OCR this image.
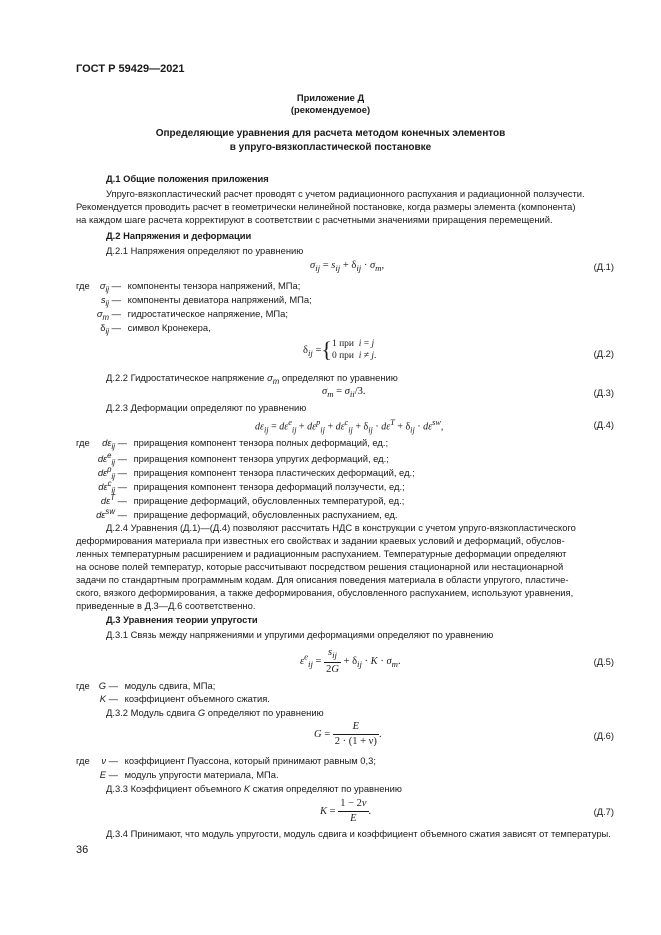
ГОСТ Р 59429—2021
Приложение Д
(рекомендуемое)
Определяющие уравнения для расчета методом конечных элементов
в упруго-вязкопластической постановке
Д.1 Общие положения приложения
Упруго-вязкопластический расчет проводят с учетом радиационного распухания и радиационной ползучести.
Рекомендуется проводить расчет в геометрически нелинейной постановке, когда размеры элемента (компонента)
на каждом шаге расчета корректируют в соответствии с расчетными значениями приращения перемещений.
Д.2 Напряжения и деформации
Д.2.1 Напряжения определяют по уравнению
$\sigma_{ij} = s_{ij} + \delta_{ij} \cdot \sigma_m$,	(Д.1)
где	$\sigma_{ij}$ — компоненты тензора напряжений, МПа;
$s_{ij}$ — компоненты девиатора напряжений, МПа;
$\sigma_m$ — гидростатическое напряжение, МПа;
$\delta_{ij}$ — символ Кронекера,
$\delta_{ij} =\{1$ при i = j
0 при i ≠ j.	(Д.2)
Д.2.2 Гидростатическое напряжение $\sigma_m$ определяют по уравнению
$\sigma_m = \sigma_{ii}/3$.	(Д.3)
Д.2.3 Деформации определяют по уравнению
$d\varepsilon_{ij} = d\varepsilon^e_{ij} + d\varepsilon^p_{ij} + d\varepsilon^c_{ij} + \delta_{ij} \cdot d\varepsilon^T + \delta_{ij} \cdot d\varepsilon^{sw}$,	(Д.4)
где	$d\varepsilon_{ij}$ — приращения компонент тензора полных деформаций, ед.;
$d\varepsilon^e_{ij}$ — приращения компонент тензора упругих деформаций, ед.;
$d\varepsilon^p_{ij}$ — приращения компонент тензора пластических деформаций, ед.;
$d\varepsilon^c_{ij}$ — приращения компонент тензора деформаций ползучести, ед.;
$d\varepsilon^T$ — приращение деформаций, обусловленных температурой, ед.;
$d\varepsilon^{sw}$ — приращение деформаций, обусловленных распуханием, ед.
Д.2.4 Уравнения (Д.1)—(Д.4) позволяют рассчитать НДС в конструкции с учетом упруго-вязкопластического
деформирования материала при известных его свойствах и задании краевых условий и деформаций, обуслов-
ленных температурным расширением и радиационным распуханием. Температурные деформации определяют
на основе полей температур, которые рассчитывают посредством решения стационарной или нестационарной
задачи по стандартным программным кодам. Для описания поведения материала в области упругого, пластиче-
ского, вязкого деформирования, а также деформирования, обусловленного распуханием, используют уравнения,
приведенные в Д.3—Д.6 соответственно.
Д.3 Уравнения теории упругости
Д.3.1 Связь между напряжениями и упругими деформациями определяют по уравнению
$\varepsilon^e_{ij} = \frac{s_{ij}}{2G} + \delta_{ij} \cdot K \cdot \sigma_m$.	(Д.5)
где G — модуль сдвига, МПа;
K — коэффициент объемного сжатия.
Д.3.2 Модуль сдвига G определяют по уравнению
$G = \frac{E}{2 \cdot (1 + \nu)}$ .	(Д.6)
где	ν — коэффициент Пуассона, который принимают равным 0,3;
E — модуль упругости материала, МПа.
Д.3.3 Коэффициент объемного K сжатия определяют по уравнению
$K = \frac{1 - 2\nu}{E}$ .	(Д.7)
Д.3.4 Принимают, что модуль упругости, модуль сдвига и коэффициент объемного сжатия зависят от температуры.
36
